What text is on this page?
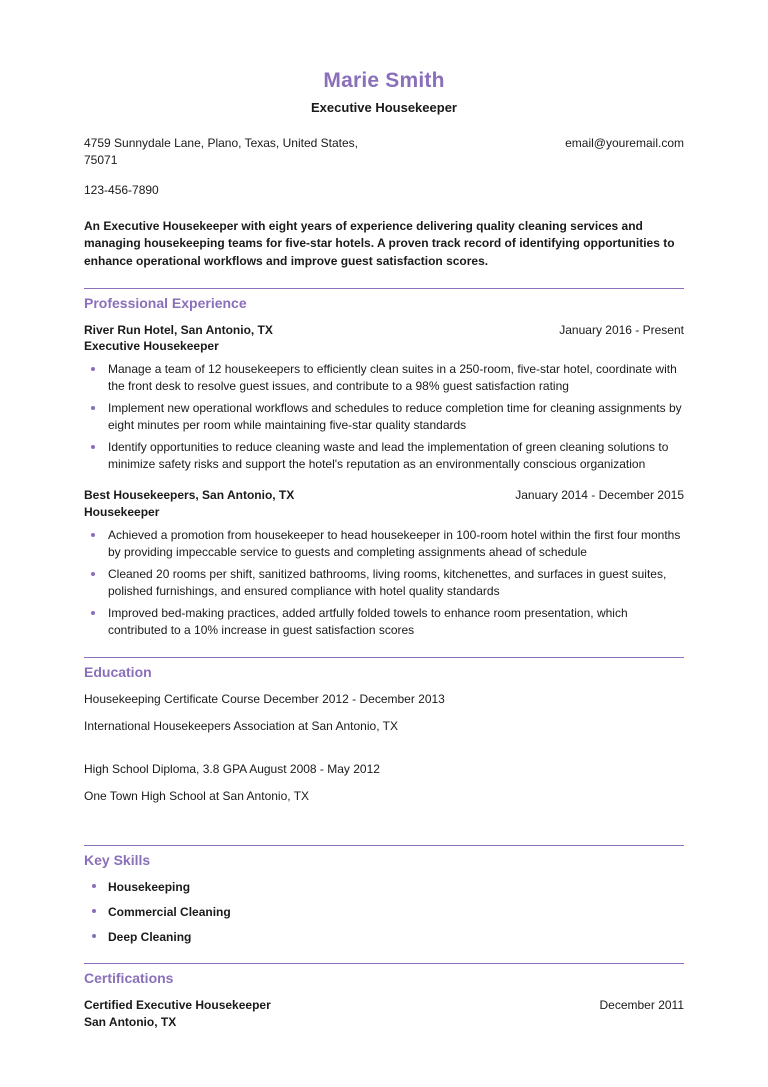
Marie Smith
Executive Housekeeper
4759 Sunnydale Lane, Plano, Texas, United States, 75071
email@youremail.com
123-456-7890
An Executive Housekeeper with eight years of experience delivering quality cleaning services and managing housekeeping teams for five-star hotels. A proven track record of identifying opportunities to enhance operational workflows and improve guest satisfaction scores.
Professional Experience
River Run Hotel, San Antonio, TX	January 2016 - Present
Executive Housekeeper
Manage a team of 12 housekeepers to efficiently clean suites in a 250-room, five-star hotel, coordinate with the front desk to resolve guest issues, and contribute to a 98% guest satisfaction rating
Implement new operational workflows and schedules to reduce completion time for cleaning assignments by eight minutes per room while maintaining five-star quality standards
Identify opportunities to reduce cleaning waste and lead the implementation of green cleaning solutions to minimize safety risks and support the hotel's reputation as an environmentally conscious organization
Best Housekeepers, San Antonio, TX	January 2014 - December 2015
Housekeeper
Achieved a promotion from housekeeper to head housekeeper in 100-room hotel within the first four months by providing impeccable service to guests and completing assignments ahead of schedule
Cleaned 20 rooms per shift, sanitized bathrooms, living rooms, kitchenettes, and surfaces in guest suites, polished furnishings, and ensured compliance with hotel quality standards
Improved bed-making practices, added artfully folded towels to enhance room presentation, which contributed to a 10% increase in guest satisfaction scores
Education
Housekeeping Certificate Course December 2012 - December 2013
International Housekeepers Association at San Antonio, TX
High School Diploma, 3.8 GPA August 2008 - May 2012
One Town High School at San Antonio, TX
Key Skills
Housekeeping
Commercial Cleaning
Deep Cleaning
Certifications
Certified Executive Housekeeper	December 2011
San Antonio, TX
